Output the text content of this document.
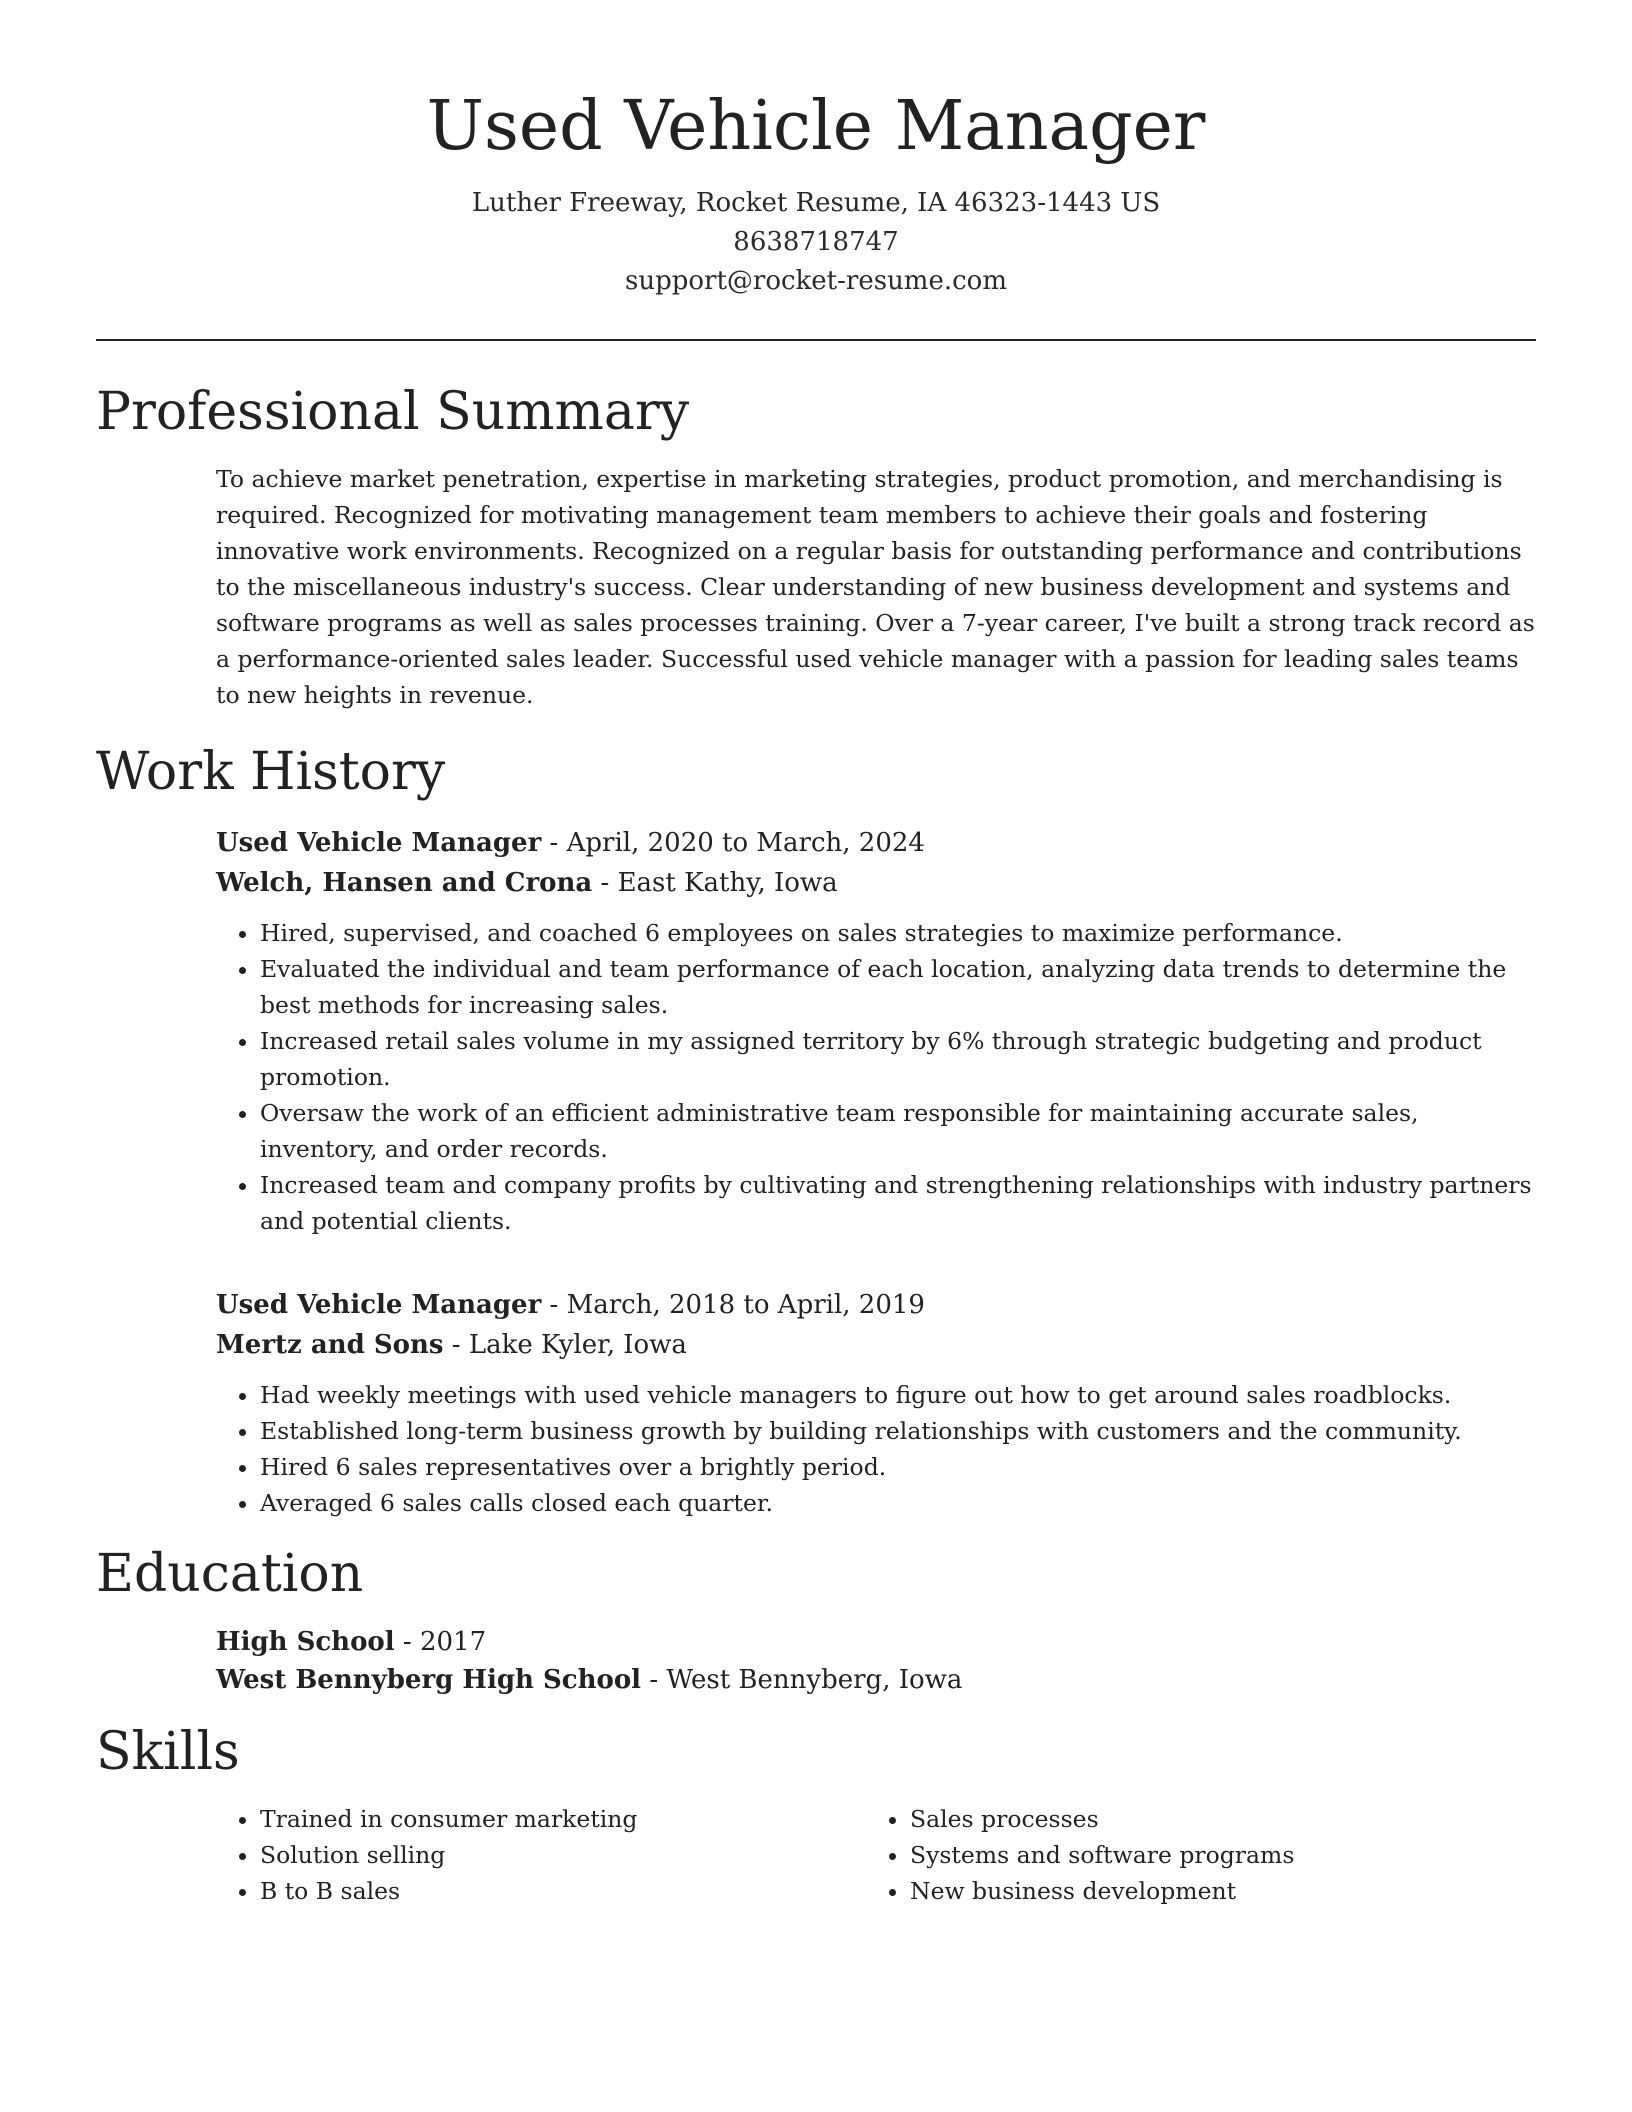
Used Vehicle Manager
Luther Freeway, Rocket Resume, IA 46323-1443 US
8638718747
support@rocket-resume.com
Professional Summary
To achieve market penetration, expertise in marketing strategies, product promotion, and merchandising is required. Recognized for motivating management team members to achieve their goals and fostering innovative work environments. Recognized on a regular basis for outstanding performance and contributions to the miscellaneous industry's success. Clear understanding of new business development and systems and software programs as well as sales processes training. Over a 7-year career, I've built a strong track record as a performance-oriented sales leader. Successful used vehicle manager with a passion for leading sales teams to new heights in revenue.
Work History
Used Vehicle Manager - April, 2020 to March, 2024
Welch, Hansen and Crona - East Kathy, Iowa
• Hired, supervised, and coached 6 employees on sales strategies to maximize performance.
• Evaluated the individual and team performance of each location, analyzing data trends to determine the best methods for increasing sales.
• Increased retail sales volume in my assigned territory by 6% through strategic budgeting and product promotion.
• Oversaw the work of an efficient administrative team responsible for maintaining accurate sales, inventory, and order records.
• Increased team and company profits by cultivating and strengthening relationships with industry partners and potential clients.
Used Vehicle Manager - March, 2018 to April, 2019
Mertz and Sons - Lake Kyler, Iowa
• Had weekly meetings with used vehicle managers to figure out how to get around sales roadblocks.
• Established long-term business growth by building relationships with customers and the community.
• Hired 6 sales representatives over a brightly period.
• Averaged 6 sales calls closed each quarter.
Education
High School - 2017
West Bennyberg High School - West Bennyberg, Iowa
Skills
• Trained in consumer marketing
• Solution selling
• B to B sales
• Sales processes
• Systems and software programs
• New business development
